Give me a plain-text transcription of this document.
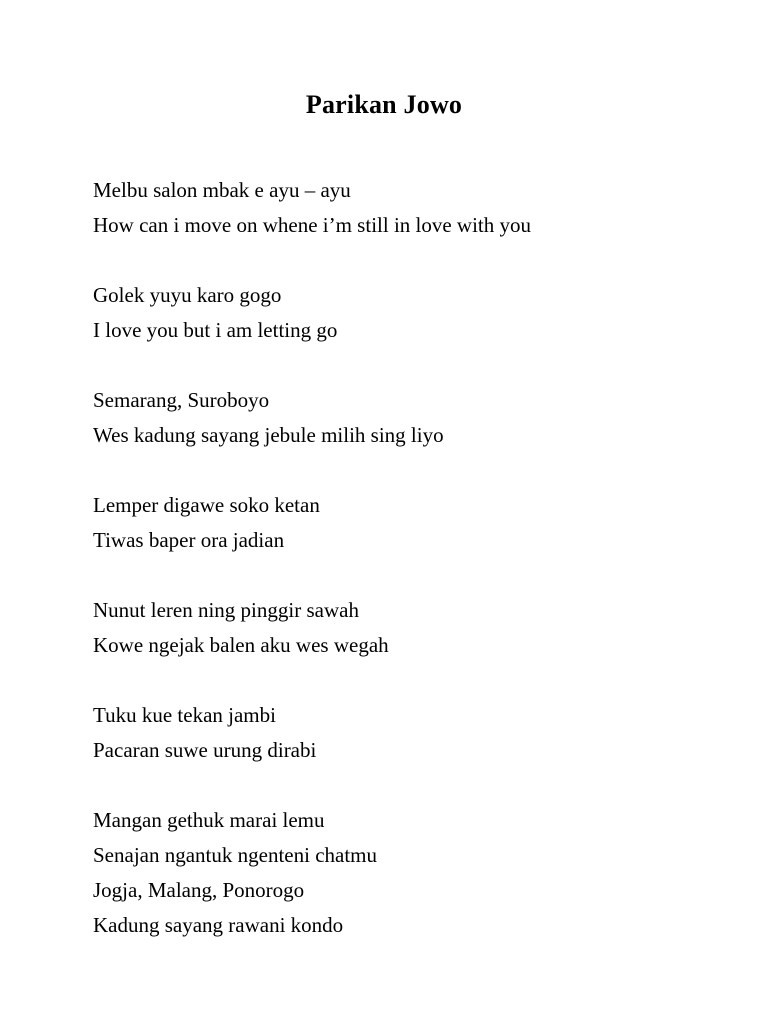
Parikan Jowo
Melbu salon mbak e ayu – ayu
How can i move on whene i’m still in love with you
Golek yuyu karo gogo
I love you but i am letting go
Semarang, Suroboyo
Wes kadung sayang jebule milih sing liyo
Lemper digawe soko ketan
Tiwas baper ora jadian
Nunut leren ning pinggir sawah
Kowe ngejak balen aku wes wegah
Tuku kue tekan jambi
Pacaran suwe urung dirabi
Mangan gethuk marai lemu
Senajan ngantuk ngenteni chatmu
Jogja, Malang, Ponorogo
Kadung sayang rawani kondo
